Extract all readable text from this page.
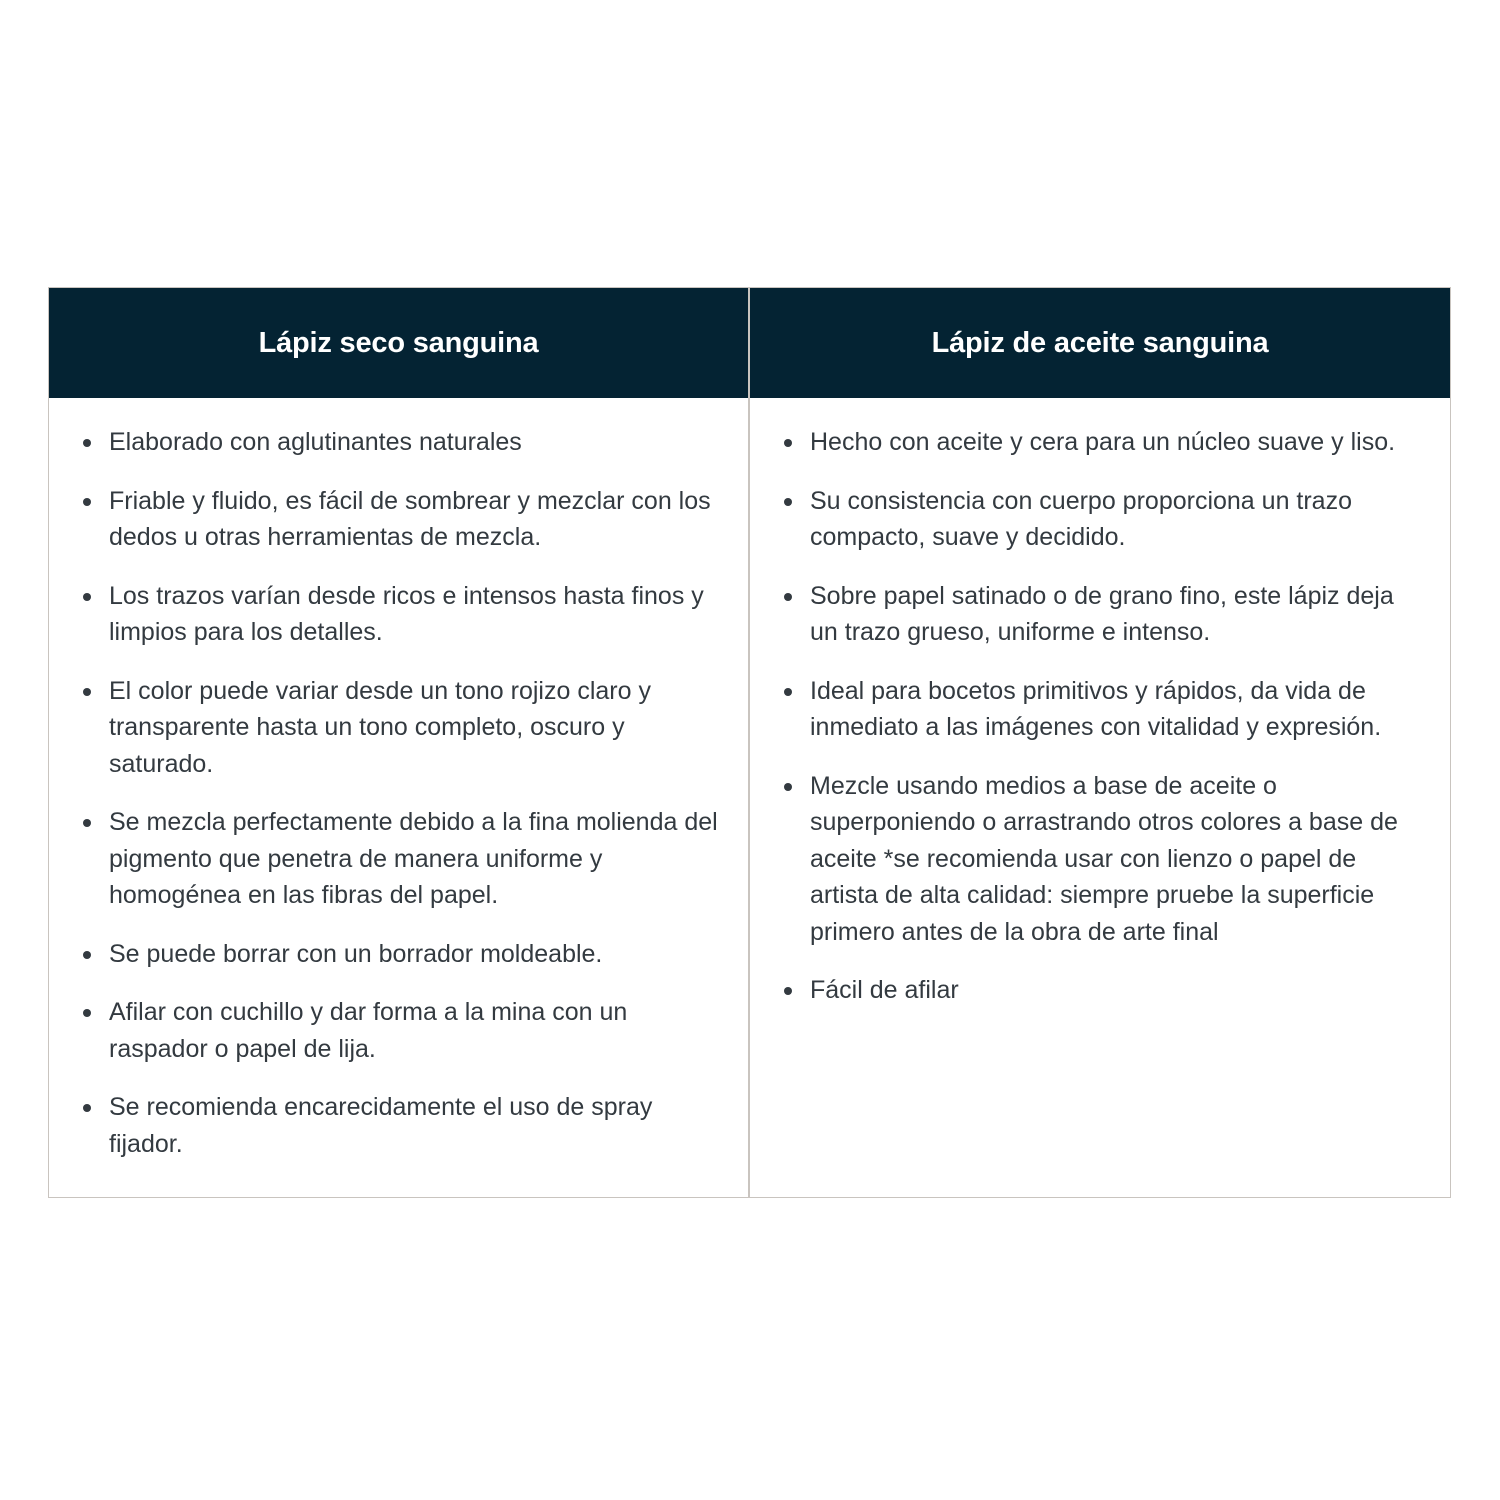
Lápiz seco sanguina	Lápiz de aceite sanguina
Elaborado con aglutinantes naturales
Friable y fluido, es fácil de sombrear y mezclar con los dedos u otras herramientas de mezcla.
Los trazos varían desde ricos e intensos hasta finos y limpios para los detalles.
El color puede variar desde un tono rojizo claro y transparente hasta un tono completo, oscuro y saturado.
Se mezcla perfectamente debido a la fina molienda del pigmento que penetra de manera uniforme y homogénea en las fibras del papel.
Se puede borrar con un borrador moldeable.
Afilar con cuchillo y dar forma a la mina con un raspador o papel de lija.
Se recomienda encarecidamente el uso de spray fijador.
Hecho con aceite y cera para un núcleo suave y liso.
Su consistencia con cuerpo proporciona un trazo compacto, suave y decidido.
Sobre papel satinado o de grano fino, este lápiz deja un trazo grueso, uniforme e intenso.
Ideal para bocetos primitivos y rápidos, da vida de inmediato a las imágenes con vitalidad y expresión.
Mezcle usando medios a base de aceite o superponiendo o arrastrando otros colores a base de aceite *se recomienda usar con lienzo o papel de artista de alta calidad: siempre pruebe la superficie primero antes de la obra de arte final
Fácil de afilar
